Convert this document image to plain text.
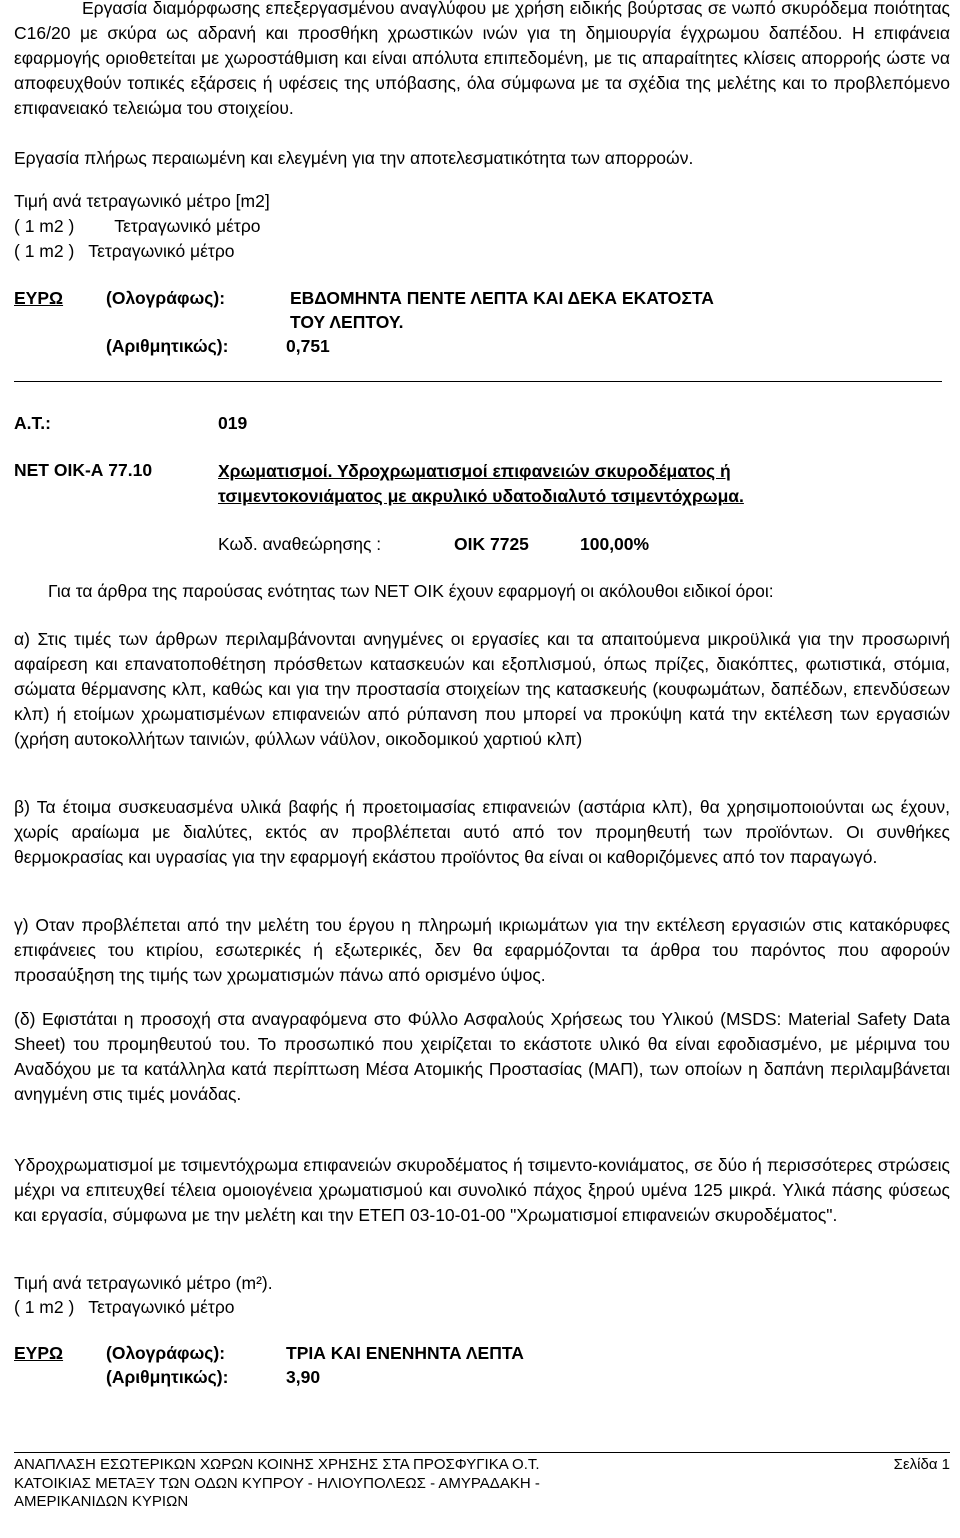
Εργασία διαμόρφωσης επεξεργασμένου αναγλύφου με χρήση ειδικής βούρτσας σε νωπό σκυρόδεμα ποιότητας C16/20 με σκύρα ως αδρανή και προσθήκη χρωστικών ινών για τη δημιουργία έγχρωμου δαπέδου. Η επιφάνεια εφαρμογής οριοθετείται με χωροστάθμιση και είναι απόλυτα επιπεδομένη, με τις απαραίτητες κλίσεις απορροής ώστε να αποφευχθούν τοπικές εξάρσεις ή υφέσεις της υπόβασης, όλα σύμφωνα με τα σχέδια της μελέτης και το προβλεπόμενο επιφανειακό τελειώμα του στοιχείου.

Εργασία πλήρως περαιωμένη και ελεγμένη για την αποτελεσματικότητα των απορροών.

Τιμή ανά τετραγωνικό μέτρο [m2]
( 1 m2 ) Τετραγωνικό μέτρο
( 1 m2 ) Τετραγωνικό μέτρο
ΕΥΡΩ (Ολογράφως):	ΕΒΔΟΜΗΝΤΑ ΠΕΝΤΕ ΛΕΠΤΑ ΚΑΙ ΔΕΚΑ ΕΚΑΤΟΣΤΑ
ΤΟΥ ΛΕΠΤΟΥ.
(Αριθμητικώς):	0,751
Α.Τ.:	019
ΝΕΤ ΟΙΚ-Α 77.10	Χρωματισμοί. Υδροχρωματισμοί επιφανειών σκυροδέματος ή
τσιμεντοκονιάματος με ακρυλικό υδατοδιαλυτό τσιμεντόχρωμα.
Κωδ. αναθεώρησης :	ΟΙΚ 7725	100,00%
Για τα άρθρα της παρούσας ενότητας των ΝΕΤ ΟΙΚ έχουν εφαρμογή οι ακόλουθοι ειδικοί όροι:

α) Στις τιμές των άρθρων περιλαμβάνονται ανηγμένες οι εργασίες και τα απαιτούμενα μικροϋλικά για την προσωρινή αφαίρεση και επανατοποθέτηση πρόσθετων κατασκευών και εξοπλισμού, όπως πρίζες, διακόπτες, φωτιστικά, στόμια, σώματα θέρμανσης κλπ, καθώς και για την προστασία στοιχείων της κατασκευής (κουφωμάτων, δαπέδων, επενδύσεων κλπ) ή ετοίμων χρωματισμένων επιφανειών από ρύπανση που μπορεί να προκύψη κατά την εκτέλεση των εργασιών (χρήση αυτοκολλήτων ταινιών, φύλλων νάϋλον, οικοδομικού χαρτιού κλπ)

β) Τα έτοιμα συσκευασμένα υλικά βαφής ή προετοιμασίας επιφανειών (αστάρια κλπ), θα χρησιμοποιούνται ως έχουν, χωρίς αραίωμα με διαλύτες, εκτός αν προβλέπεται αυτό από τον προμηθευτή των προϊόντων. Οι συνθήκες θερμοκρασίας και υγρασίας για την εφαρμογή εκάστου προϊόντος θα είναι οι καθοριζόμενες από τον παραγωγό.

γ) Οταν προβλέπεται από την μελέτη του έργου η πληρωμή ικριωμάτων για την εκτέλεση εργασιών στις κατακόρυφες επιφάνειες του κτιρίου, εσωτερικές ή εξωτερικές, δεν θα εφαρμόζονται τα άρθρα του παρόντος που αφορούν προσαύξηση της τιμής των χρωματισμών πάνω από ορισμένο ύψος.

(δ) Εφιστάται η προσοχή στα αναγραφόμενα στο Φύλλο Ασφαλούς Χρήσεως του Υλικού (MSDS: Material Safety Data Sheet) του προμηθευτού του. Το προσωπικό που χειρίζεται το εκάστοτε υλικό θα είναι εφοδιασμένο, με μέριμνα του Αναδόχου με τα κατάλληλα κατά περίπτωση Μέσα Ατομικής Προστασίας (ΜΑΠ), των οποίων η δαπάνη περιλαμβάνεται ανηγμένη στις τιμές μονάδας.

Υδροχρωματισμοί με τσιμεντόχρωμα επιφανειών σκυροδέματος ή τσιμεντο-κονιάματος, σε δύο ή περισσότερες στρώσεις μέχρι να επιτευχθεί τέλεια ομοιογένεια χρωματισμού και συνολικό πάχος ξηρού υμένα 125 μικρά. Υλικά πάσης φύσεως και εργασία, σύμφωνα με την μελέτη και την ΕΤΕΠ 03-10-01-00 "Χρωματισμοί επιφανειών σκυροδέματος".

Τιμή ανά τετραγωνικό μέτρο (m²).
( 1 m2 ) Τετραγωνικό μέτρο
ΕΥΡΩ (Ολογράφως):	ΤΡΙΑ ΚΑΙ ΕΝΕΝΗΝΤΑ ΛΕΠΤΑ
(Αριθμητικώς):	3,90
ΑΝΑΠΛΑΣΗ ΕΣΩΤΕΡΙΚΩΝ ΧΩΡΩΝ ΚΟΙΝΗΣ ΧΡΗΣΗΣ ΣΤΑ ΠΡΟΣΦΥΓΙΚΑ Ο.Τ. ΚΑΤΟΙΚΙΑΣ ΜΕΤΑΞΥ ΤΩΝ ΟΔΩΝ ΚΥΠΡΟΥ - ΗΛΙΟΥΠΟΛΕΩΣ - ΑΜΥΡΑΔΑΚΗ - ΑΜΕΡΙΚΑΝΙΔΩΝ ΚΥΡΙΩΝ
Σελίδα 1
